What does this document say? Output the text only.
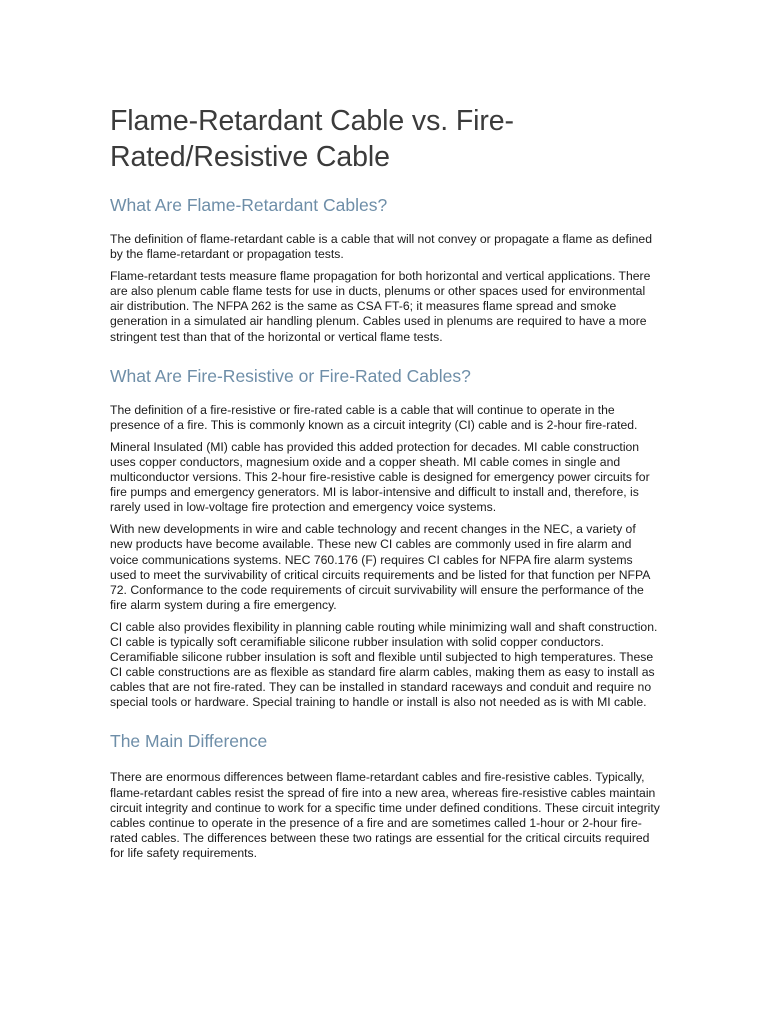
Flame-Retardant Cable vs. Fire-Rated/Resistive Cable
What Are Flame-Retardant Cables?

The definition of flame-retardant cable is a cable that will not convey or propagate a flame as defined by the flame-retardant or propagation tests.

Flame-retardant tests measure flame propagation for both horizontal and vertical applications. There are also plenum cable flame tests for use in ducts, plenums or other spaces used for environmental air distribution. The NFPA 262 is the same as CSA FT-6; it measures flame spread and smoke generation in a simulated air handling plenum. Cables used in plenums are required to have a more stringent test than that of the horizontal or vertical flame tests.

What Are Fire-Resistive or Fire-Rated Cables?

The definition of a fire-resistive or fire-rated cable is a cable that will continue to operate in the presence of a fire. This is commonly known as a circuit integrity (CI) cable and is 2-hour fire-rated.

Mineral Insulated (MI) cable has provided this added protection for decades. MI cable construction uses copper conductors, magnesium oxide and a copper sheath. MI cable comes in single and multiconductor versions. This 2-hour fire-resistive cable is designed for emergency power circuits for fire pumps and emergency generators. MI is labor-intensive and difficult to install and, therefore, is rarely used in low-voltage fire protection and emergency voice systems.

With new developments in wire and cable technology and recent changes in the NEC, a variety of new products have become available. These new CI cables are commonly used in fire alarm and voice communications systems. NEC 760.176 (F) requires CI cables for NFPA fire alarm systems used to meet the survivability of critical circuits requirements and be listed for that function per NFPA 72. Conformance to the code requirements of circuit survivability will ensure the performance of the fire alarm system during a fire emergency.

CI cable also provides flexibility in planning cable routing while minimizing wall and shaft construction. CI cable is typically soft ceramifiable silicone rubber insulation with solid copper conductors. Ceramifiable silicone rubber insulation is soft and flexible until subjected to high temperatures. These CI cable constructions are as flexible as standard fire alarm cables, making them as easy to install as cables that are not fire-rated. They can be installed in standard raceways and conduit and require no special tools or hardware. Special training to handle or install is also not needed as is with MI cable.

The Main Difference

There are enormous differences between flame-retardant cables and fire-resistive cables. Typically, flame-retardant cables resist the spread of fire into a new area, whereas fire-resistive cables maintain circuit integrity and continue to work for a specific time under defined conditions. These circuit integrity cables continue to operate in the presence of a fire and are sometimes called 1-hour or 2-hour fire-rated cables. The differences between these two ratings are essential for the critical circuits required for life safety requirements.
